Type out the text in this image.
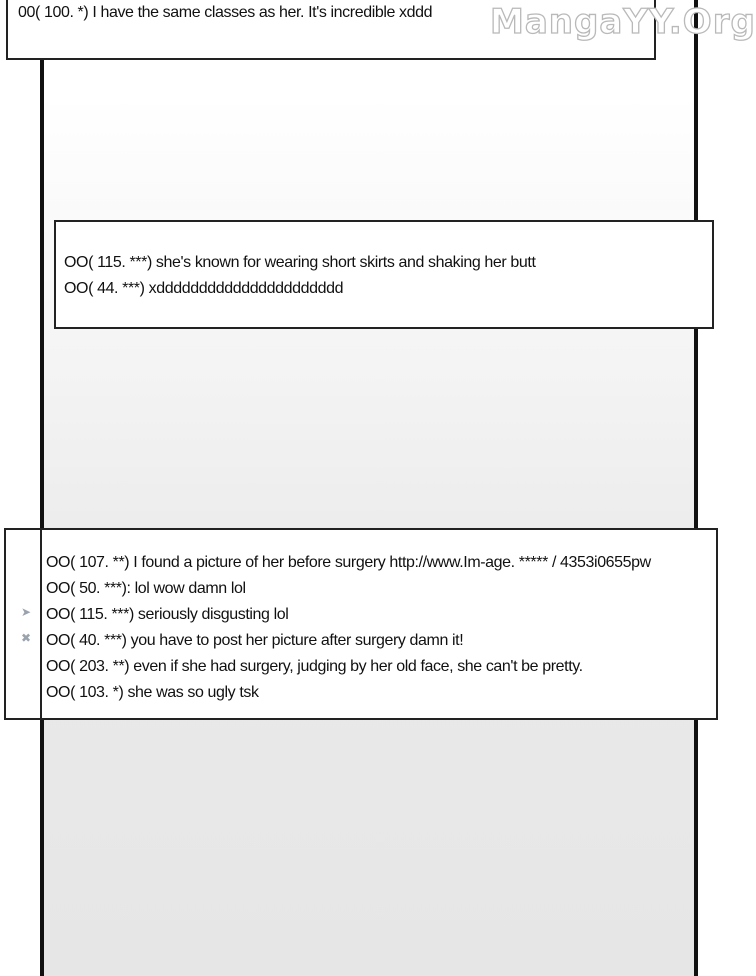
00( 100. *) I have the same classes as her. It's incredible xddd	MangaYY.Org
OO( 115. ***) she's known for wearing short skirts and shaking her butt
OO( 44. ***) xdddddddddddddddddddddd
➤
✖
OO( 107. **) I found a picture of her before surgery http://www.Im-age. ***** / 4353i0655pw
OO( 50. ***): lol wow damn lol
OO( 115. ***) seriously disgusting lol
OO( 40. ***) you have to post her picture after surgery damn it!
OO( 203. **) even if she had surgery, judging by her old face, she can't be pretty.
OO( 103. *) she was so ugly tsk
